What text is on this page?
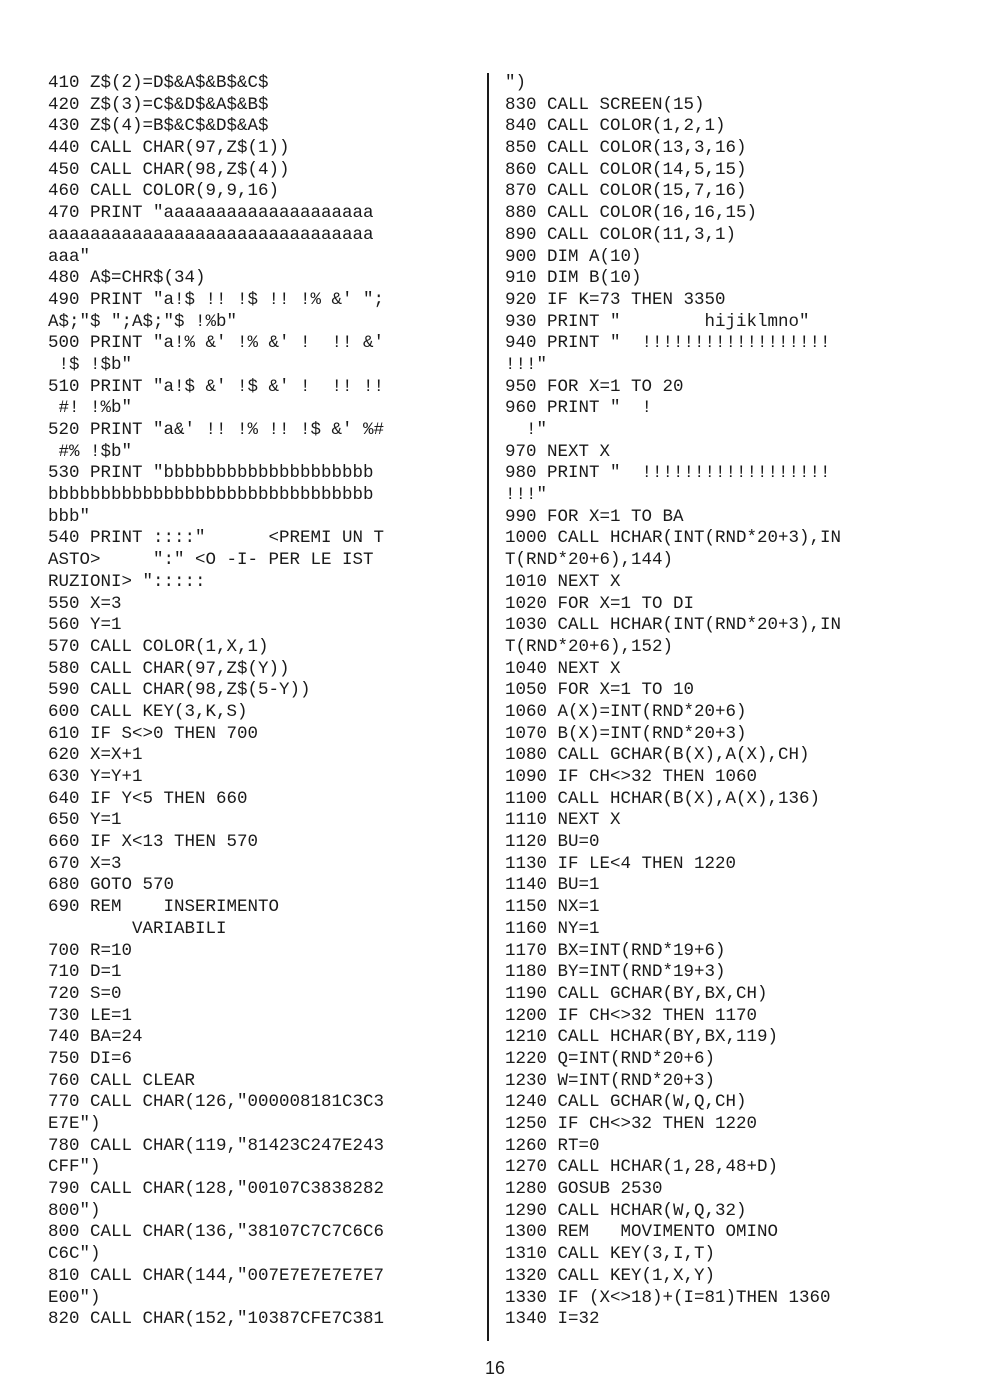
410 Z$(2)=D$&A$&B$&C$
420 Z$(3)=C$&D$&A$&B$
430 Z$(4)=B$&C$&D$&A$
440 CALL CHAR(97,Z$(1))
450 CALL CHAR(98,Z$(4))
460 CALL COLOR(9,9,16)
470 PRINT "aaaaaaaaaaaaaaaaaaaa
aaaaaaaaaaaaaaaaaaaaaaaaaaaaaaa
aaa"
480 A$=CHR$(34)
490 PRINT "a!$ !! !$ !! !% &' ";
A$;"$ ";A$;"$ !%b"
500 PRINT "a!% &' !% &' !  !! &'
!$ !$b"
510 PRINT "a!$ &' !$ &' !  !! !!
#! !%b"
520 PRINT "a&' !! !% !! !$ &' %#
#% !$b"
530 PRINT "bbbbbbbbbbbbbbbbbbbb
bbbbbbbbbbbbbbbbbbbbbbbbbbbbbbb
bbb"
540 PRINT ::::"      <PREMI UN T
ASTO>     ":" <O -I- PER LE IST
RUZIONI> ":::::
550 X=3
560 Y=1
570 CALL COLOR(1,X,1)
580 CALL CHAR(97,Z$(Y))
590 CALL CHAR(98,Z$(5-Y))
600 CALL KEY(3,K,S)
610 IF S<>0 THEN 700
620 X=X+1
630 Y=Y+1
640 IF Y<5 THEN 660
650 Y=1
660 IF X<13 THEN 570
670 X=3
680 GOTO 570
690 REM    INSERIMENTO
VARIABILI
700 R=10
710 D=1
720 S=0
730 LE=1
740 BA=24
750 DI=6
760 CALL CLEAR
770 CALL CHAR(126,"000008181C3C3
E7E")
780 CALL CHAR(119,"81423C247E243
CFF")
790 CALL CHAR(128,"00107C3838282
800")
800 CALL CHAR(136,"38107C7C7C6C6
C6C")
810 CALL CHAR(144,"007E7E7E7E7E7
E00")
820 CALL CHAR(152,"10387CFE7C381
")
830 CALL SCREEN(15)
840 CALL COLOR(1,2,1)
850 CALL COLOR(13,3,16)
860 CALL COLOR(14,5,15)
870 CALL COLOR(15,7,16)
880 CALL COLOR(16,16,15)
890 CALL COLOR(11,3,1)
900 DIM A(10)
910 DIM B(10)
920 IF K=73 THEN 3350
930 PRINT "        hijiklmno"
940 PRINT "  !!!!!!!!!!!!!!!!!!
!!!"
950 FOR X=1 TO 20
960 PRINT "  !
!"
970 NEXT X
980 PRINT "  !!!!!!!!!!!!!!!!!!
!!!"
990 FOR X=1 TO BA
1000 CALL HCHAR(INT(RND*20+3),IN
T(RND*20+6),144)
1010 NEXT X
1020 FOR X=1 TO DI
1030 CALL HCHAR(INT(RND*20+3),IN
T(RND*20+6),152)
1040 NEXT X
1050 FOR X=1 TO 10
1060 A(X)=INT(RND*20+6)
1070 B(X)=INT(RND*20+3)
1080 CALL GCHAR(B(X),A(X),CH)
1090 IF CH<>32 THEN 1060
1100 CALL HCHAR(B(X),A(X),136)
1110 NEXT X
1120 BU=0
1130 IF LE<4 THEN 1220
1140 BU=1
1150 NX=1
1160 NY=1
1170 BX=INT(RND*19+6)
1180 BY=INT(RND*19+3)
1190 CALL GCHAR(BY,BX,CH)
1200 IF CH<>32 THEN 1170
1210 CALL HCHAR(BY,BX,119)
1220 Q=INT(RND*20+6)
1230 W=INT(RND*20+3)
1240 CALL GCHAR(W,Q,CH)
1250 IF CH<>32 THEN 1220
1260 RT=0
1270 CALL HCHAR(1,28,48+D)
1280 GOSUB 2530
1290 CALL HCHAR(W,Q,32)
1300 REM   MOVIMENTO OMINO
1310 CALL KEY(3,I,T)
1320 CALL KEY(1,X,Y)
1330 IF (X<>18)+(I=81)THEN 1360
1340 I=32
16
